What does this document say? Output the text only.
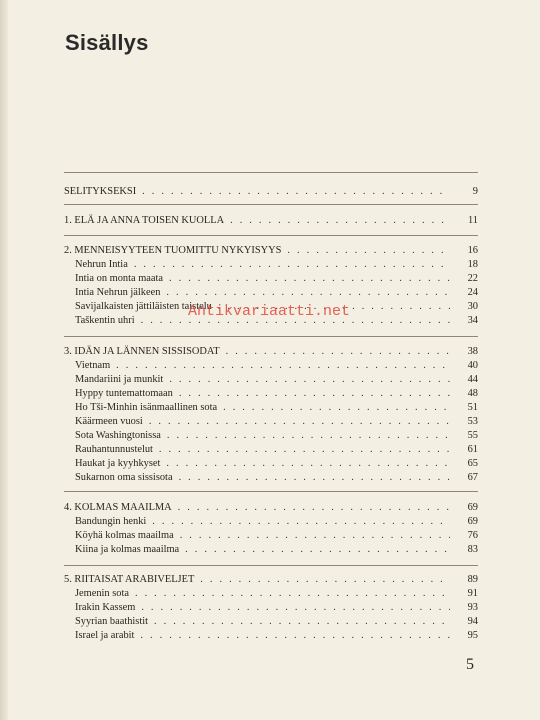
Sisällys
SELITYKSEKSI . . .	9
1. ELÄ JA ANNA TOISEN KUOLLA . . .	11
2. MENNEISYYTEEN TUOMITTU NYKYISYYS . . .	16
Nehrun Intia . . .	18
Intia on monta maata . . .	22
Intia Nehrun jälkeen . . .	24
Savijalkaisten jättiläisten taistelu . . .	30
Taškentin uhri . . .	34
3. IDÄN JA LÄNNEN SISSISODAT . . .	38
Vietnam . . .	40
Mandariini ja munkit . . .	44
Hyppy tuntemattomaan . . .	48
Ho Tši-Minhin isänmaallinen sota . . .	51
Käärmeen vuosi . . .	53
Sota Washingtonissa . . .	55
Rauhantunnustelut . . .	61
Haukat ja kyyhkyset . . .	65
Sukarnon oma sissisota . . .	67
4. KOLMAS MAAILMA . . .	69
Bandungin henki . . .	69
Köyhä kolmas maailma . . .	76
Kiina ja kolmas maailma . . .	83
5. RIITAISAT ARABIVELJET . . .	89
Jemenin sota . . .	91
Irakin Kassem . . .	93
Syyrian baathistit . . .	94
Israel ja arabit . . .	95
Antikvariaatti.net
5
